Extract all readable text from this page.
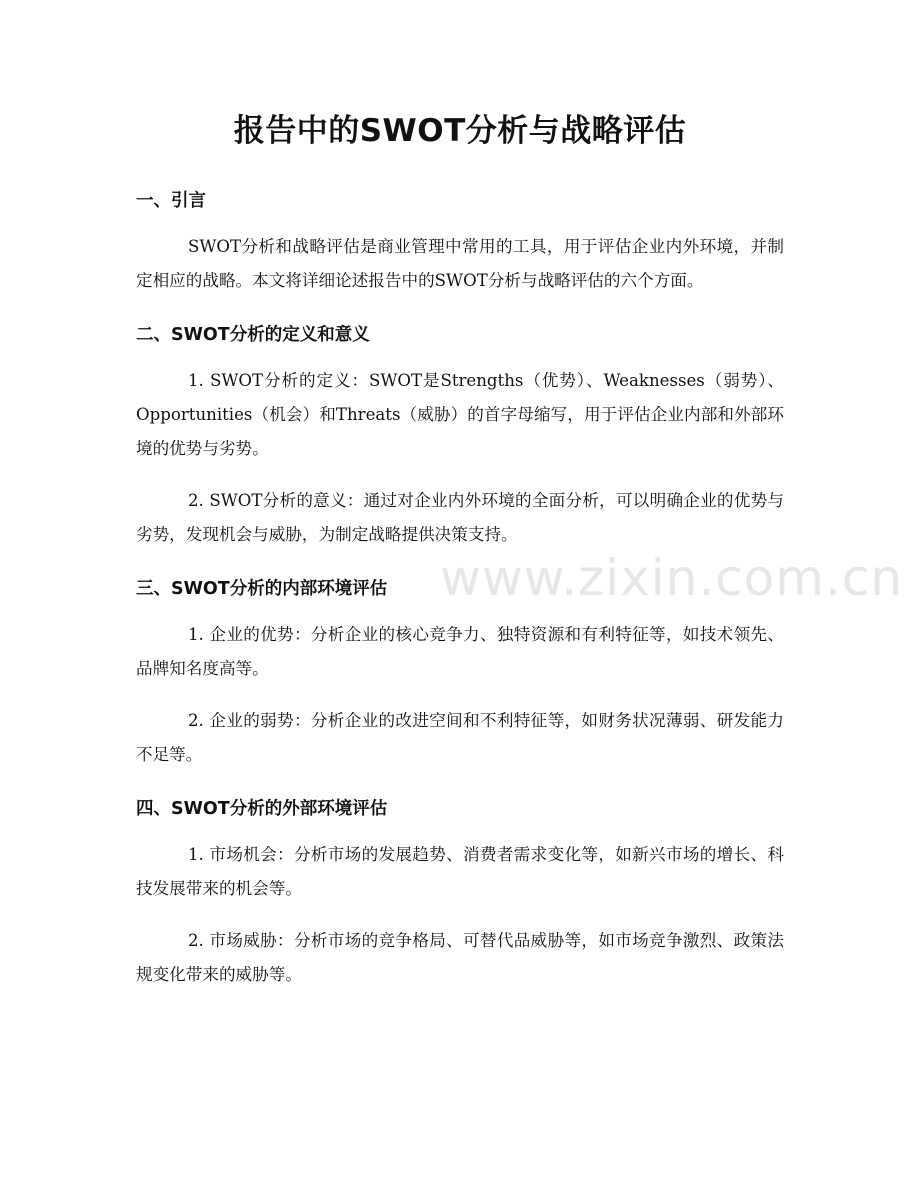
报告中的SWOT分析与战略评估
一、引言

SWOT分析和战略评估是商业管理中常用的工具，用于评估企业内外环境，并制定相应的战略。本文将详细论述报告中的SWOT分析与战略评估的六个方面。

二、SWOT分析的定义和意义

1. SWOT分析的定义：SWOT是Strengths（优势）、Weaknesses（弱势）、Opportunities（机会）和Threats（威胁）的首字母缩写，用于评估企业内部和外部环境的优势与劣势。

2. SWOT分析的意义：通过对企业内外环境的全面分析，可以明确企业的优势与劣势，发现机会与威胁，为制定战略提供决策支持。

三、SWOT分析的内部环境评估

1. 企业的优势：分析企业的核心竞争力、独特资源和有利特征等，如技术领先、品牌知名度高等。

2. 企业的弱势：分析企业的改进空间和不利特征等，如财务状况薄弱、研发能力不足等。

四、SWOT分析的外部环境评估

1. 市场机会：分析市场的发展趋势、消费者需求变化等，如新兴市场的增长、科技发展带来的机会等。

2. 市场威胁：分析市场的竞争格局、可替代品威胁等，如市场竞争激烈、政策法规变化带来的威胁等。

www.zixin.com.cn
